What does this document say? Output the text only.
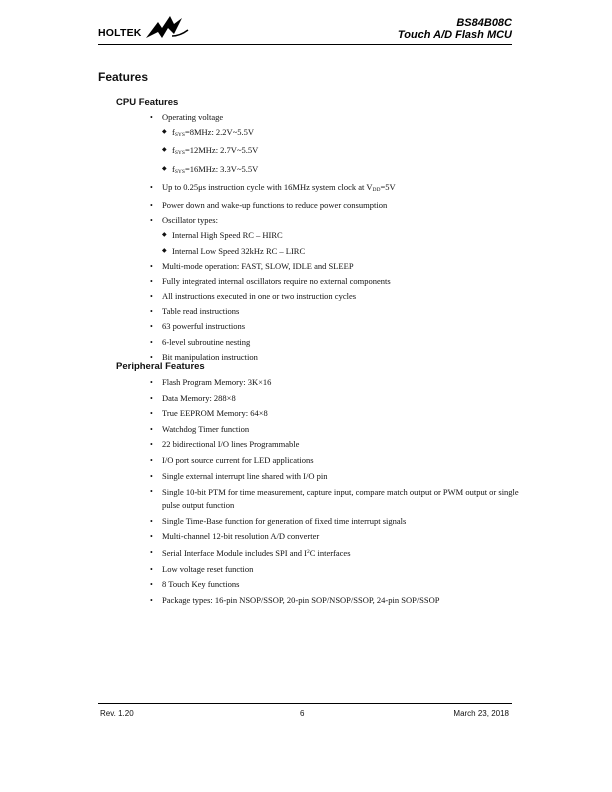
HOLTEK
BS84B08C
Touch A/D Flash MCU
Features
CPU Features
• Operating voltage
◆ $f_{SYS}=8MHz$: 2.2V~5.5V
◆ $f_{SYS}=12MHz$: 2.7V~5.5V
◆ $f_{SYS}=16MHz$: 3.3V~5.5V
• Up to 0.25μs instruction cycle with 16MHz system clock at $V_{DD}=5V$
• Power down and wake-up functions to reduce power consumption
• Oscillator types:
◆ Internal High Speed RC – HIRC
◆ Internal Low Speed 32kHz RC – LIRC
• Multi-mode operation: FAST, SLOW, IDLE and SLEEP
• Fully integrated internal oscillators require no external components
• All instructions executed in one or two instruction cycles
• Table read instructions
• 63 powerful instructions
• 6-level subroutine nesting
• Bit manipulation instruction
Peripheral Features
• Flash Program Memory: 3K×16
• Data Memory: 288×8
• True EEPROM Memory: 64×8
• Watchdog Timer function
• 22 bidirectional I/O lines Programmable
• I/O port source current for LED applications
• Single external interrupt line shared with I/O pin
• Single 10-bit PTM for time measurement, capture input, compare match output or PWM output or single pulse output function
• Single Time-Base function for generation of fixed time interrupt signals
• Multi-channel 12-bit resolution A/D converter
• Serial Interface Module includes SPI and $I^2C$ interfaces
• Low voltage reset function
• 8 Touch Key functions
• Package types: 16-pin NSOP/SSOP, 20-pin SOP/NSOP/SSOP, 24-pin SOP/SSOP
Rev. 1.20	6	March 23, 2018
